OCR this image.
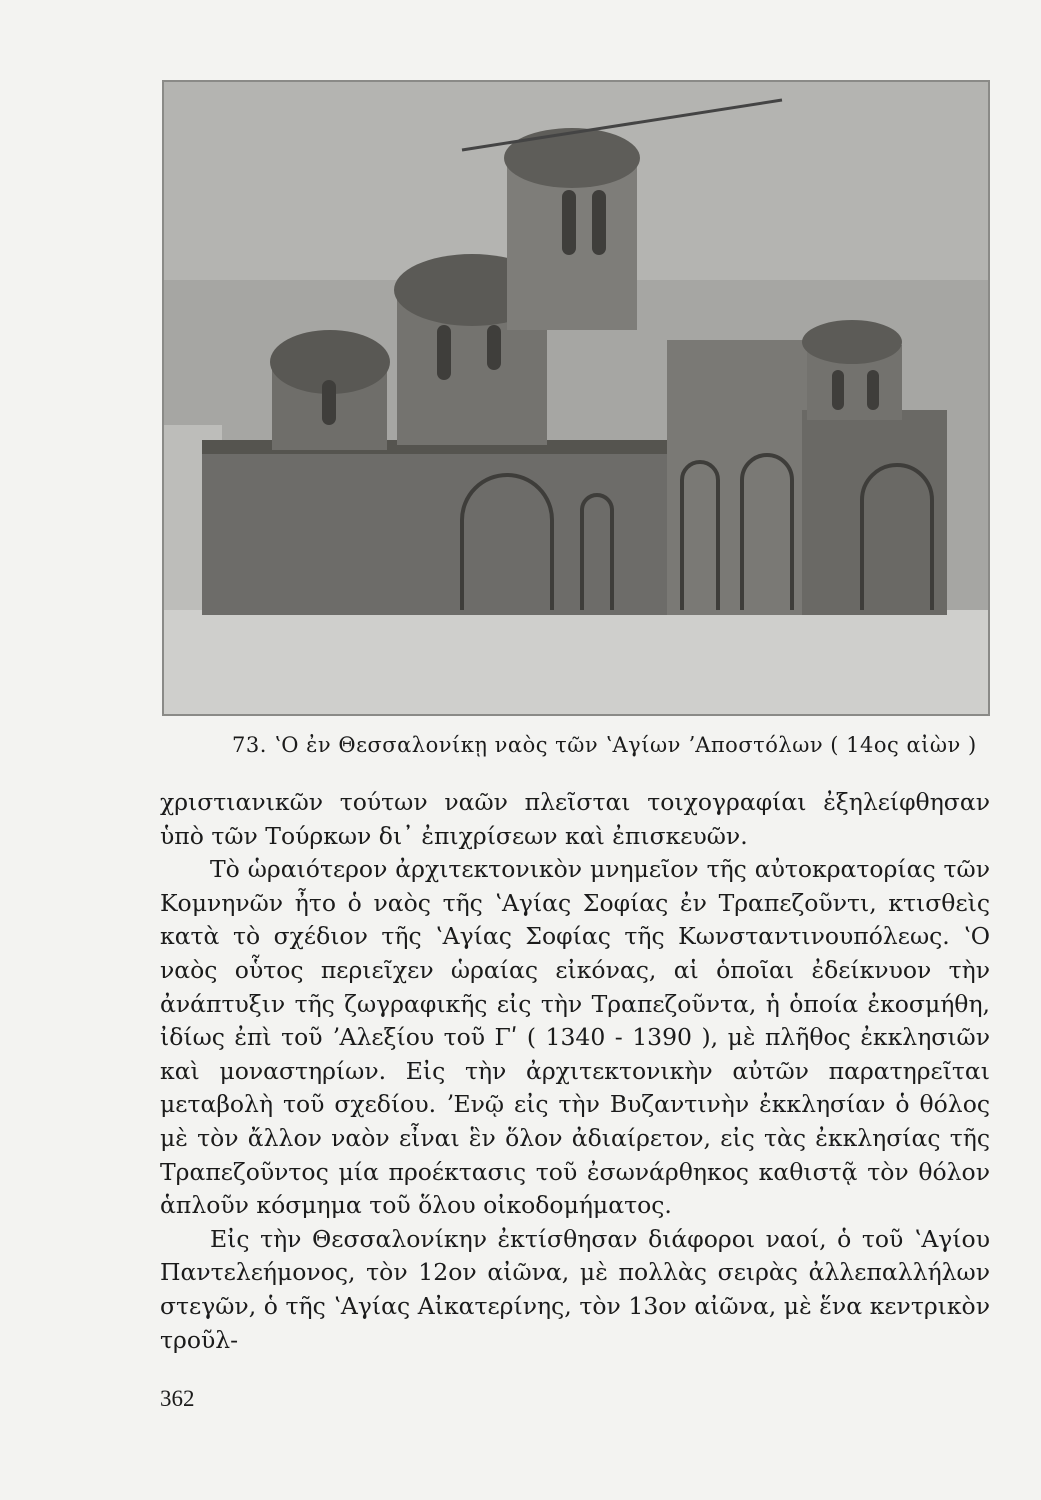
73. ʽΟ ἐν Θεσσαλονίκῃ ναὸς τῶν ʽΑγίων ʼΑποστόλων ( 14ος αἰὼν )

χριστιανικῶν τούτων ναῶν πλεῖσται τοιχογραφίαι ἐξηλείφθησαν ὑπὸ τῶν Τούρκων δι᾽ ἐπιχρίσεων καὶ ἐπισκευῶν.

Τὸ ὡραιότερον ἀρχιτεκτονικὸν μνημεῖον τῆς αὐτοκρατορίας τῶν Κομνηνῶν ἦτο ὁ ναὸς τῆς ʽΑγίας Σοφίας ἐν Τραπεζοῦντι, κτισθεὶς κατὰ τὸ σχέδιον τῆς ʽΑγίας Σοφίας τῆς Κωνσταντινουπόλεως. ʽΟ ναὸς οὗτος περιεῖχεν ὡραίας εἰκόνας, αἱ ὁποῖαι ἐδείκνυον τὴν ἀνάπτυξιν τῆς ζωγραφικῆς εἰς τὴν Τραπεζοῦντα, ἡ ὁποία ἐκοσμήθη, ἰδίως ἐπὶ τοῦ ʼΑλεξίου τοῦ Γʹ ( 1340 - 1390 ), μὲ πλῆθος ἐκκλησιῶν καὶ μοναστηρίων. Εἰς τὴν ἀρχιτεκτονικὴν αὐτῶν παρατηρεῖται μεταβολὴ τοῦ σχεδίου. ʼΕνῷ εἰς τὴν Βυζαντινὴν ἐκκλησίαν ὁ θόλος μὲ τὸν ἄλλον ναὸν εἶναι ἓν ὅλον ἀδιαίρετον, εἰς τὰς ἐκκλησίας τῆς Τραπεζοῦντος μία προέκτασις τοῦ ἐσωνάρθηκος καθιστᾷ τὸν θόλον ἁπλοῦν κόσμημα τοῦ ὅλου οἰκοδομήματος.

Εἰς τὴν Θεσσαλονίκην ἐκτίσθησαν διάφοροι ναοί, ὁ τοῦ ʽΑγίου Παντελεήμονος, τὸν 12ον αἰῶνα, μὲ πολλὰς σειρὰς ἀλλεπαλλήλων στεγῶν, ὁ τῆς ʽΑγίας Αἰκατερίνης, τὸν 13ον αἰῶνα, μὲ ἕνα κεντρικὸν τροῦλ-

362
